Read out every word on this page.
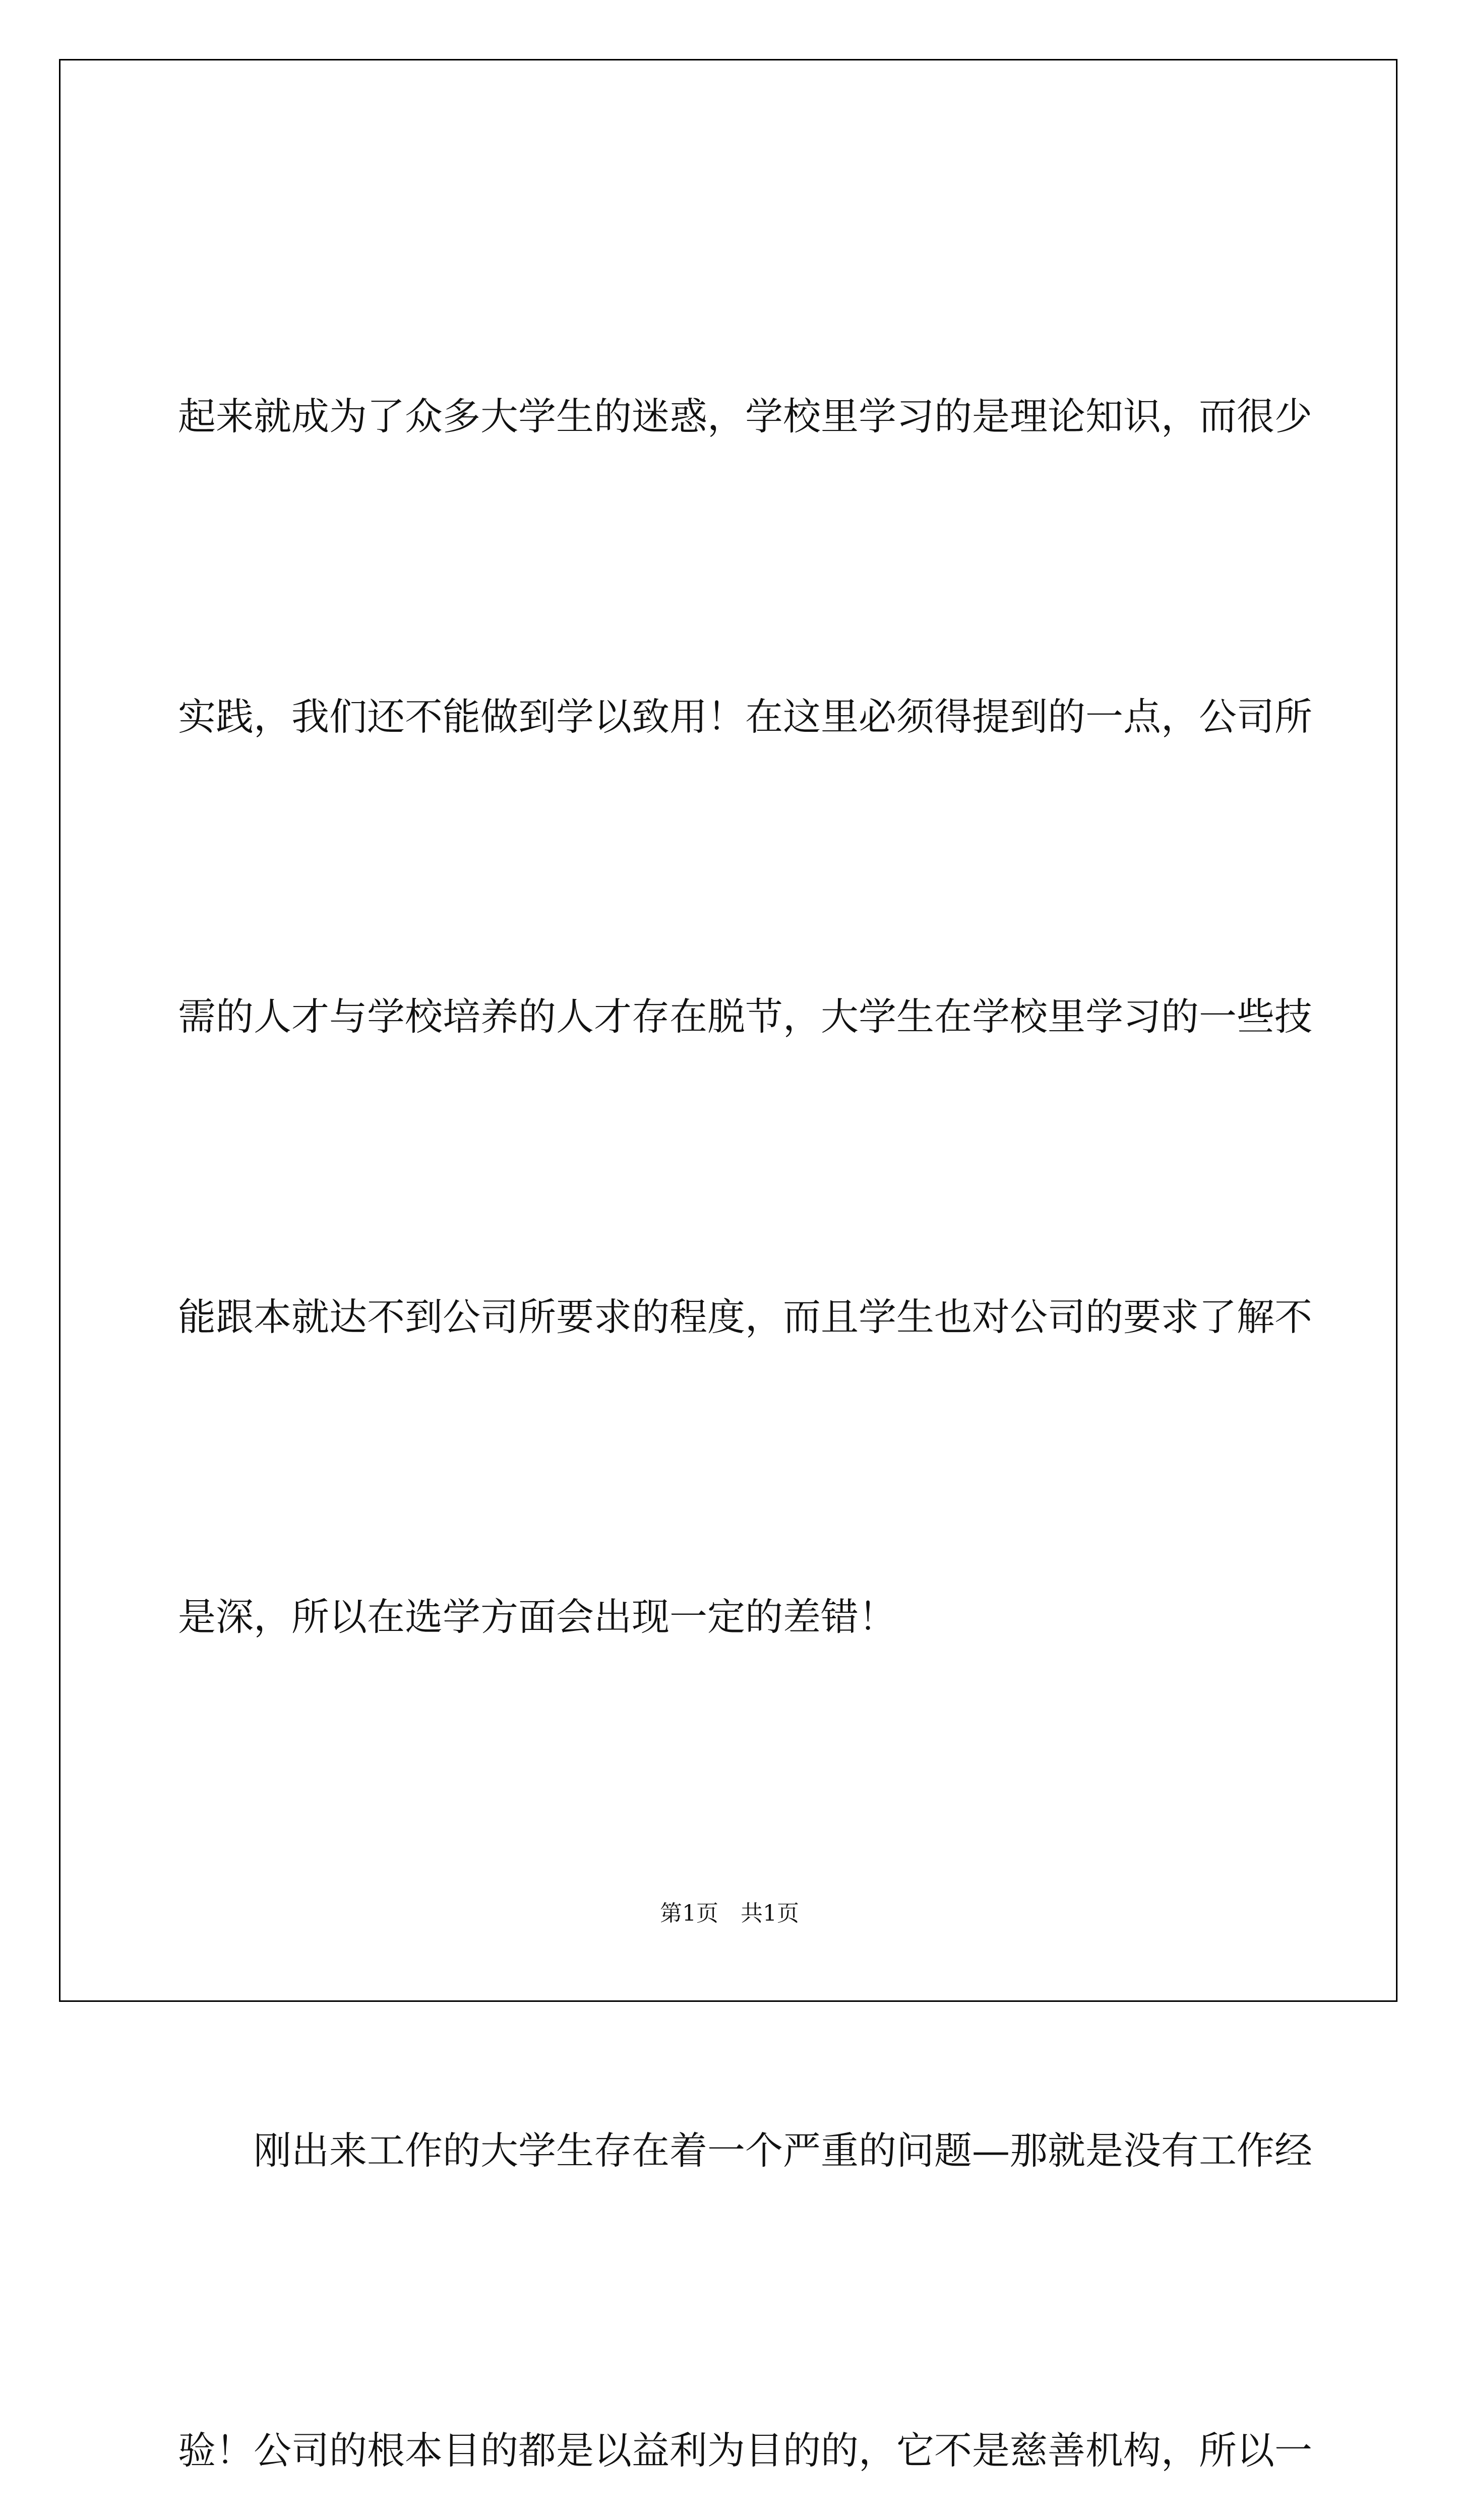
起来就成为了众多大学生的迷惑，学校里学习的是理论知识，而很少

实践，我们还不能做到学以致用！在这里必须得提到的一点，公司所

需的人才与学校培养的人才存在脱节，大学生在学校里学习的一些技

能跟本就达不到公司所要求的程度，而且学生也对公司的要求了解不

是深，所以在选学方面会出现一定的差错！

　　刚出来工作的大学生存在着一个严重的问题—那就是没有工作经

验！公司的根本目的都是以益利为目的的，它不是慈善机构，所以一

第1页　共1页
